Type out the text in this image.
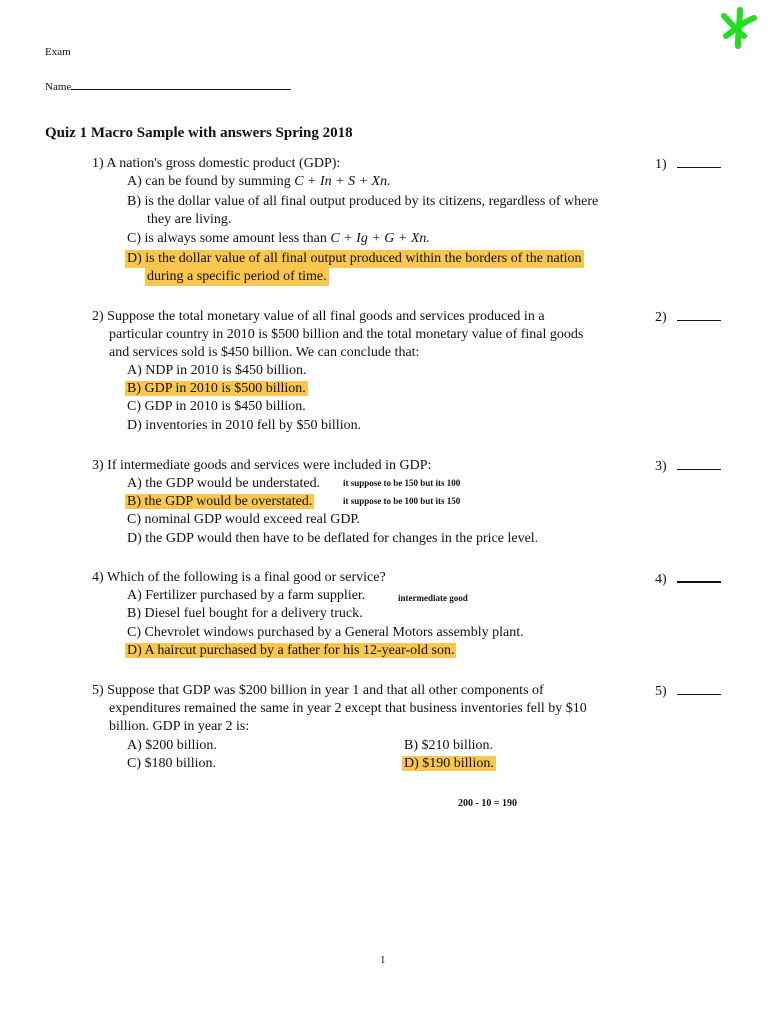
Exam
Name
Quiz 1 Macro Sample with answers Spring 2018
1) A nation's gross domestic product (GDP):	1)
A) can be found by summing C + In + S + Xn.
B) is the dollar value of all final output produced by its citizens, regardless of where
they are living.
C) is always some amount less than C + Ig + G + Xn.
D) is the dollar value of all final output produced within the borders of the nation
during a specific period of time.
2) Suppose the total monetary value of all final goods and services produced in a
particular country in 2010 is $500 billion and the total monetary value of final goods
and services sold is $450 billion. We can conclude that:
2)
A) NDP in 2010 is $450 billion.
B) GDP in 2010 is $500 billion.
C) GDP in 2010 is $450 billion.
D) inventories in 2010 fell by $50 billion.
3) If intermediate goods and services were included in GDP:	3)
A) the GDP would be understated.	it suppose to be 150 but its 100
B) the GDP would be overstated.	it suppose to be 100 but its 150
C) nominal GDP would exceed real GDP.
D) the GDP would then have to be deflated for changes in the price level.
4) Which of the following is a final good or service?	4)
A) Fertilizer purchased by a farm supplier.	intermediate good
B) Diesel fuel bought for a delivery truck.
C) Chevrolet windows purchased by a General Motors assembly plant.
D) A haircut purchased by a father for his 12-year-old son.
5) Suppose that GDP was $200 billion in year 1 and that all other components of
expenditures remained the same in year 2 except that business inventories fell by $10
billion. GDP in year 2 is:
5)
A) $200 billion.	B) $210 billion.
C) $180 billion.	D) $190 billion.
200 - 10 = 190
1
